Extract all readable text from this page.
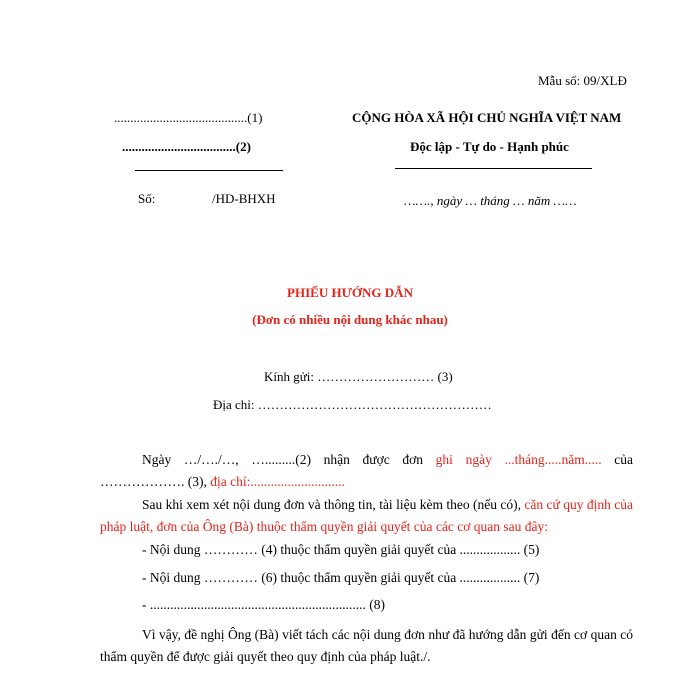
Mẫu số: 09/XLĐ
.........................................(1)
...................................(2)
Số:	/HD-BHXH
CỘNG HÒA XÃ HỘI CHỦ NGHĨA VIỆT NAM
Độc lập - Tự do - Hạnh phúc
……., ngày … tháng … năm ……
PHIẾU HƯỚNG DẪN
(Đơn có nhiều nội dung khác nhau)
Kính gửi: ……………………… (3)
Địa chỉ: ………………………………………………
Ngày …/…./…, ….........(2) nhận được đơn ghi ngày ...tháng.....năm..... của ………………. (3), địa chỉ:............................
Sau khi xem xét nội dung đơn và thông tin, tài liệu kèm theo (nếu có), căn cứ quy định của pháp luật, đơn của Ông (Bà) thuộc thẩm quyền giải quyết của các cơ quan sau đây:
- Nội dung ………… (4) thuộc thẩm quyền giải quyết của .................. (5)
- Nội dung ………… (6) thuộc thẩm quyền giải quyết của .................. (7)
- ................................................................ (8)
Vì vậy, đề nghị Ông (Bà) viết tách các nội dung đơn như đã hướng dẫn gửi đến cơ quan có thẩm quyền để được giải quyết theo quy định của pháp luật./.
